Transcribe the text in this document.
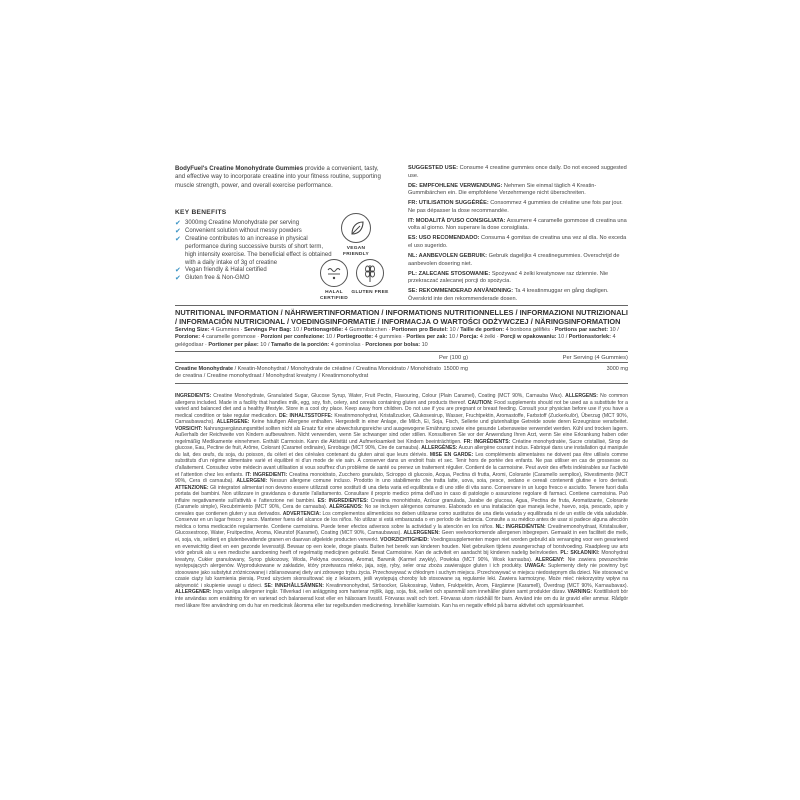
BodyFuel's Creatine Monohydrate Gummies provide a convenient, tasty, and effective way to incorporate creatine into your fitness routine, supporting muscle strength, power, and overall exercise performance.

KEY BENEFITS
✔ 3000mg Creatine Monohydrate per serving
✔ Convenient solution without messy powders
✔ Creatine contributes to an increase in physical performance during successive bursts of short term, high intensity exercise. The beneficial effect is obtained with a daily intake of 3g of creatine
✔ Vegan friendly & Halal certified
✔ Gluten free & Non-GMO
VEGAN FRIENDLY
HALAL CERTIFIED
GLUTEN FREE

SUGGESTED USE: Consume 4 creatine gummies once daily. Do not exceed suggested use.

DE: EMPFOHLENE VERWENDUNG: Nehmen Sie einmal täglich 4 Kreatin-Gummibärchen ein. Die empfohlene Verzehrmenge nicht überschreiten.

FR: UTILISATION SUGGÉRÉE: Consommez 4 gummies de créatine une fois par jour. Ne pas dépasser la dose recommandée.

IT: MODALITÀ D'USO CONSIGLIATA: Assumere 4 caramelle gommose di creatina una volta al giorno. Non superare la dose consigliata.

ES: USO RECOMENDADO: Consuma 4 gomitas de creatina una vez al día. No exceda el uso sugerido.

NL: AANBEVOLEN GEBRUIK: Gebruik dagelijks 4 creatinegummies. Overschrijd de aanbevolen dosering niet.

PL: ZALECANE STOSOWANIE: Spożywać 4 żelki kreatynowe raz dziennie. Nie przekraczać zalecanej porcji do spożycia.

SE: REKOMMENDERAD ANVÄNDNING: Ta 4 kreatinmuggar en gång dagligen. Överskrid inte den rekommenderade dosen.

NUTRITIONAL INFORMATION / NÄHRWERTINFORMATION / INFORMATIONS NUTRITIONNELLES / INFORMAZIONI NUTRIZIONALI / INFORMACIÓN NUTRICIONAL / VOEDINGSINFORMATIE / INFORMACJA O WARTOŚCI ODŻYWCZEJ / NÄRINGSINFORMATION
Serving Size: 4 Gummies · Servings Per Bag: 10 / Portionsgröße: 4 Gummibärchen · Portionen pro Beutel: 10 / Taille de portion: 4 bonbons gélifiés · Portions par sachet: 10 / Porzione: 4 caramelle gommose · Porzioni per confezione: 10 / Portiegrootte: 4 gummies · Porties per zak: 10 / Porcja: 4 żelki · Porcji w opakowaniu: 10 / Portionsstorlek: 4 gelégodisar · Portioner per påse: 10 / Tamaño de la porción: 4 gominolas · Porciones por bolsa: 10
Per (100 g)	Per Serving (4 Gummies)
Creatine Monohydrate / Kreatin-Monohydrat / Monohydrate de créatine / Creatina Monoidrato / Monohidrato de creatina / Creatine monohydraat / Monohydrat kreatyny / Kreatinmonohydrat
15000 mg	3000 mg
INGREDIENTS: Creatine Monohydrate, Granulated Sugar, Glucose Syrup, Water, Fruit Pectin, Flavouring, Colour (Plain Caramel), Coating (MCT 90%, Carnauba Wax). ALLERGENS: No common allergens included. Made in a facility that handles milk, egg, soy, fish, celery, and cereals containing gluten and products thereof. CAUTION: Food supplements should not be used as a substitute for a varied and balanced diet and a healthy lifestyle. Store in a cool dry place. Keep away from children. Do not use if you are pregnant or breast feeding. Consult your physician before use if you have a medical condition or take regular medication. DE: INHALTSSTOFFE: Kreatinmonohydrat, Kristallzucker, Glukosesirup, Wasser, Fruchtpektin, Aromastoffe, Farbstoff (Zuckerkulör), Überzug (MCT 90%, Carnaubawachs). ALLERGENE: Keine häufigen Allergene enthalten. Hergestellt in einer Anlage, die Milch, Ei, Soja, Fisch, Sellerie und glutenhaltige Getreide sowie deren Erzeugnisse verarbeitet. VORSICHT: Nahrungsergänzungsmittel sollten nicht als Ersatz für eine abwechslungsreiche und ausgewogene Ernährung sowie eine gesunde Lebensweise verwendet werden. Kühl und trocken lagern. Außerhalb der Reichweite von Kindern aufbewahren. Nicht verwenden, wenn Sie schwanger sind oder stillen. Konsultieren Sie vor der Anwendung Ihren Arzt, wenn Sie eine Erkrankung haben oder regelmäßig Medikamente einnehmen. Enthält Carmoisin. Kann die Aktivität und Aufmerksamkeit bei Kindern beeinträchtigen. FR: INGRÉDIENTS: Créatine monohydratée, Sucre cristallisé, Sirop de glucose, Eau, Pectine de fruit, Arôme, Colorant (Caramel ordinaire), Enrobage (MCT 90%, Cire de carnauba). ALLERGÈNES: Aucun allergène courant inclus. Fabriqué dans une installation qui manipule du lait, des œufs, du soja, du poisson, du céleri et des céréales contenant du gluten ainsi que leurs dérivés. MISE EN GARDE: Les compléments alimentaires ne doivent pas être utilisés comme substituts d'un régime alimentaire varié et équilibré ni d'un mode de vie sain. À conserver dans un endroit frais et sec. Tenir hors de portée des enfants. Ne pas utiliser en cas de grossesse ou d'allaitement. Consultez votre médecin avant utilisation si vous souffrez d'un problème de santé ou prenez un traitement régulier. Contient de la carmoisine. Peut avoir des effets indésirables sur l'activité et l'attention chez les enfants. IT: INGREDIENTI: Creatina monoidrato, Zucchero granulato, Sciroppo di glucosio, Acqua, Pectina di frutta, Aromi, Colorante (Caramello semplice), Rivestimento (MCT 90%, Cera di carnauba). ALLERGENI: Nessun allergene comune incluso. Prodotto in uno stabilimento che tratta latte, uova, soia, pesce, sedano e cereali contenenti glutine e loro derivati. ATTENZIONE: Gli integratori alimentari non devono essere utilizzati come sostituti di una dieta varia ed equilibrata e di uno stile di vita sano. Conservare in un luogo fresco e asciutto. Tenere fuori dalla portata dei bambini. Non utilizzare in gravidanza o durante l'allattamento. Consultare il proprio medico prima dell'uso in caso di patologie o assunzione regolare di farmaci. Contiene carmoisina. Può influire negativamente sull'attività e l'attenzione nei bambini. ES: INGREDIENTES: Creatina monohidrato, Azúcar granulada, Jarabe de glucosa, Agua, Pectina de fruta, Aromatizante, Colorante (Caramelo simple), Recubrimiento (MCT 90%, Cera de carnauba). ALÉRGENOS: No se incluyen alérgenos comunes. Elaborado en una instalación que maneja leche, huevo, soja, pescado, apio y cereales que contienen gluten y sus derivados. ADVERTENCIA: Los complementos alimenticios no deben utilizarse como sustitutos de una dieta variada y equilibrada ni de un estilo de vida saludable. Conservar en un lugar fresco y seco. Mantener fuera del alcance de los niños. No utilizar si está embarazada o en período de lactancia. Consulte a su médico antes de usar si padece alguna afección médica o toma medicación regularmente. Contiene carmoisina. Puede tener efectos adversos sobre la actividad y la atención en los niños. NL: INGREDIËNTEN: Creatinemonohydraat, Kristalsuiker, Glucosestroop, Water, Fruitpectine, Aroma, Kleurstof (Karamel), Coating (MCT 90%, Carnaubawas). ALLERGENEN: Geen veelvoorkomende allergenen inbegrepen. Gemaakt in een faciliteit die melk, ei, soja, vis, selderij en glutenbevattende granen en daarvan afgeleide producten verwerkt. VOORZICHTIGHEID: Voedingssupplementen mogen niet worden gebruikt als vervanging voor een gevarieerd en evenwichtig dieet en een gezonde levensstijl. Bewaar op een koele, droge plaats. Buiten het bereik van kinderen houden. Niet gebruiken tijdens zwangerschap of borstvoeding. Raadpleeg uw arts vóór gebruik als u een medische aandoening heeft of regelmatig medicijnen gebruikt. Bevat Carmoisine. Kan de activiteit en aandacht bij kinderen nadelig beïnvloeden. PL: SKŁADNIKI: Monohydrat kreatyny, Cukier granulowany, Syrop glukozowy, Woda, Pektyna owocowa, Aromat, Barwnik (Karmel zwykły), Powłoka (MCT 90%, Wosk karnauba). ALERGENY: Nie zawiera powszechnie występujących alergenów. Wyprodukowane w zakładzie, który przetwarza mleko, jaja, soję, ryby, seler oraz zboża zawierające gluten i ich produkty. UWAGA: Suplementy diety nie powinny być stosowane jako substytut zróżnicowanej i zbilansowanej diety ani zdrowego trybu życia. Przechowywać w chłodnym i suchym miejscu. Przechowywać w miejscu niedostępnym dla dzieci. Nie stosować w czasie ciąży lub karmienia piersią. Przed użyciem skonsultować się z lekarzem, jeśli występują choroby lub stosowane są regularnie leki. Zawiera karmoizynę. Może mieć niekorzystny wpływ na aktywność i skupienie uwagi u dzieci. SE: INNEHÅLLSÄMNEN: Kreatinmonohydrat, Strösocker, Glukossirap, Vatten, Fruktpektin, Arom, Färgämne (Karamell), Överdrag (MCT 90%, Karnaubavax). ALLERGENER: Inga vanliga allergener ingår. Tillverkad i en anläggning som hanterar mjölk, ägg, soja, fisk, selleri och spannmål som innehåller gluten samt produkter därav. VARNING: Kosttillskott bör inte användas som ersättning för en varierad och balanserad kost eller en hälsosam livsstil. Förvaras svalt och torrt. Förvaras utom räckhåll för barn. Använd inte om du är gravid eller ammar. Rådgör med läkare före användning om du har en medicinsk åkomma eller tar regelbunden medicinering. Innehåller karmoisin. Kan ha en negativ effekt på barns aktivitet och uppmärksamhet.
